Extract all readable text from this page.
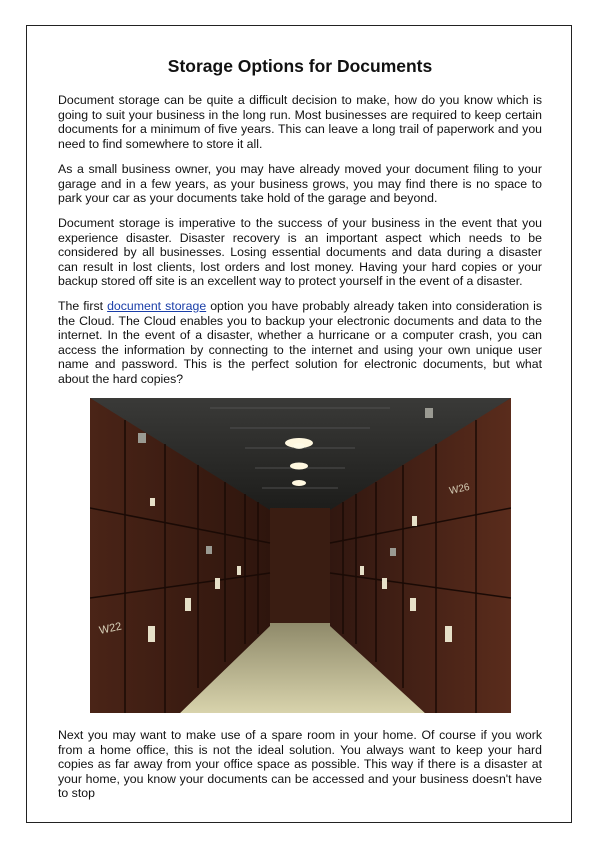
Storage Options for Documents

Document storage can be quite a difficult decision to make, how do you know which is going to suit your business in the long run. Most businesses are required to keep certain documents for a minimum of five years. This can leave a long trail of paperwork and you need to find somewhere to store it all.

As a small business owner, you may have already moved your document filing to your garage and in a few years, as your business grows, you may find there is no space to park your car as your documents take hold of the garage and beyond.

Document storage is imperative to the success of your business in the event that you experience disaster. Disaster recovery is an important aspect which needs to be considered by all businesses. Losing essential documents and data during a disaster can result in lost clients, lost orders and lost money. Having your hard copies or your backup stored off site is an excellent way to protect yourself in the event of a disaster.

The first document storage option you have probably already taken into consideration is the Cloud. The Cloud enables you to backup your electronic documents and data to the internet. In the event of a disaster, whether a hurricane or a computer crash, you can access the information by connecting to the internet and using your own unique user name and password. This is the perfect solution for electronic documents, but what about the hard copies?

W22
W26

Next you may want to make use of a spare room in your home. Of course if you work from a home office, this is not the ideal solution. You always want to keep your hard copies as far away from your office space as possible. This way if there is a disaster at your home, you know your documents can be accessed and your business doesn't have to stop
